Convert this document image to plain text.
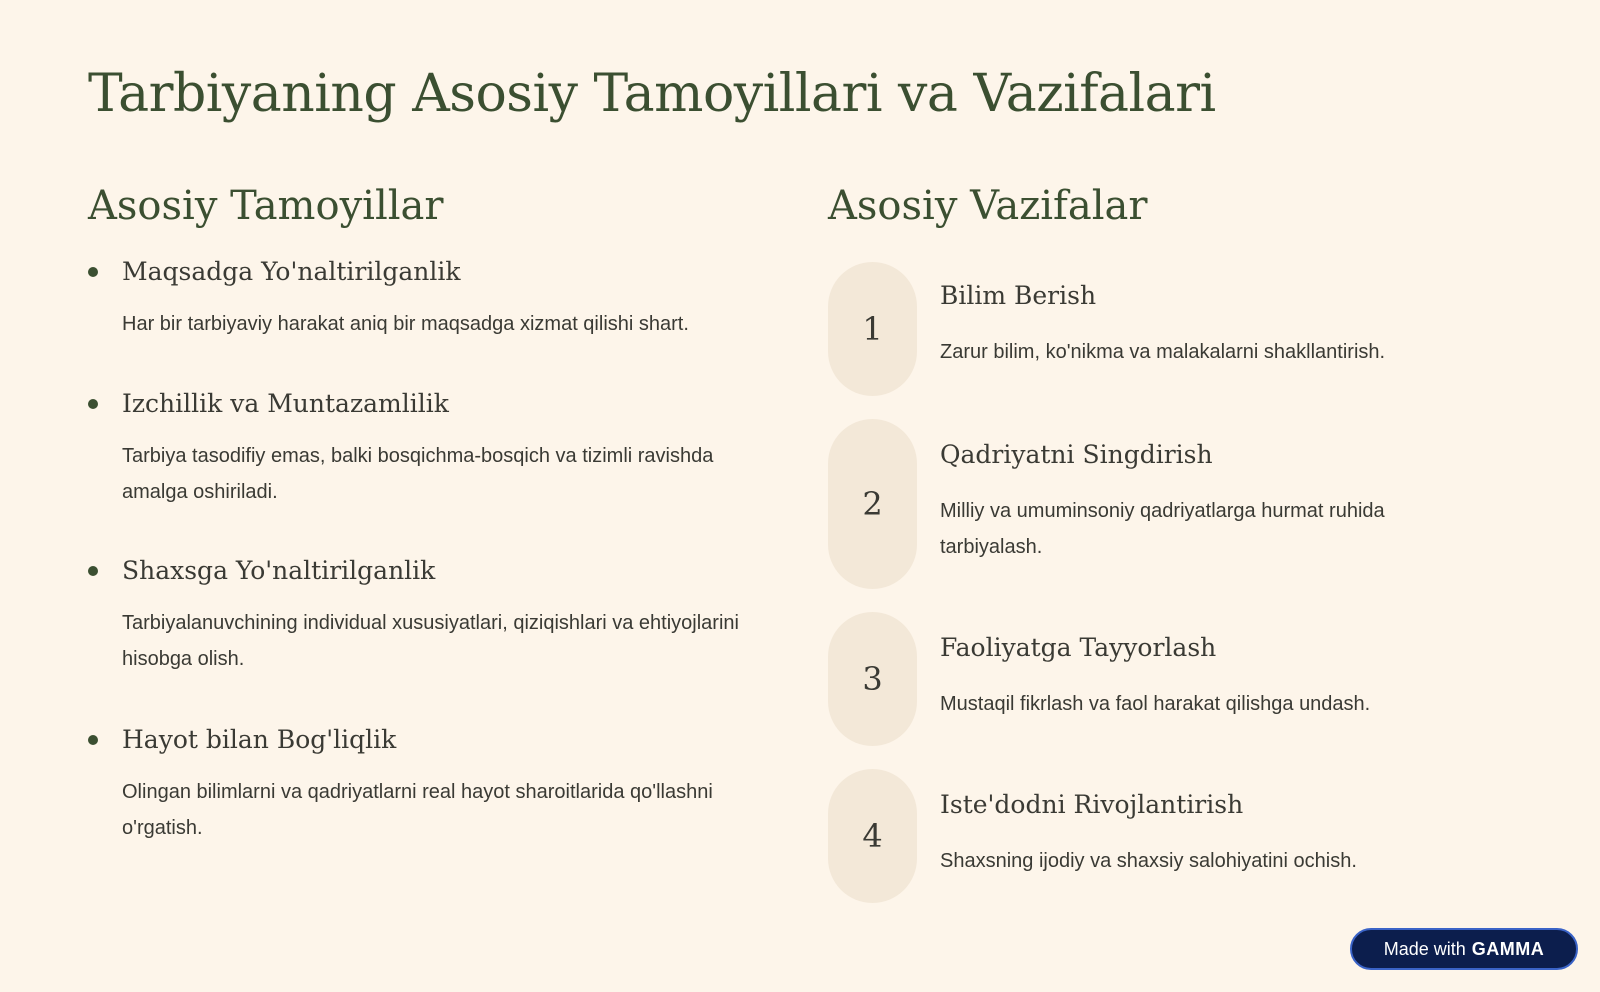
Tarbiyaning Asosiy Tamoyillari va Vazifalari
Asosiy Tamoyillar	Asosiy Vazifalar
Maqsadga Yo'naltirilganlik
Har bir tarbiyaviy harakat aniq bir maqsadga xizmat qilishi shart.
Izchillik va Muntazamlilik
Tarbiya tasodifiy emas, balki bosqichma-bosqich va tizimli ravishda amalga oshiriladi.
Shaxsga Yo'naltirilganlik
Tarbiyalanuvchining individual xususiyatlari, qiziqishlari va ehtiyojlarini hisobga olish.
Hayot bilan Bog'liqlik
Olingan bilimlarni va qadriyatlarni real hayot sharoitlarida qo'llashni o'rgatish.
1
Bilim Berish
Zarur bilim, ko'nikma va malakalarni shakllantirish.
2
Qadriyatni Singdirish
Milliy va umuminsoniy qadriyatlarga hurmat ruhida tarbiyalash.
3
Faoliyatga Tayyorlash
Mustaqil fikrlash va faol harakat qilishga undash.
4
Iste'dodni Rivojlantirish
Shaxsning ijodiy va shaxsiy salohiyatini ochish.
Made with GAMMA
